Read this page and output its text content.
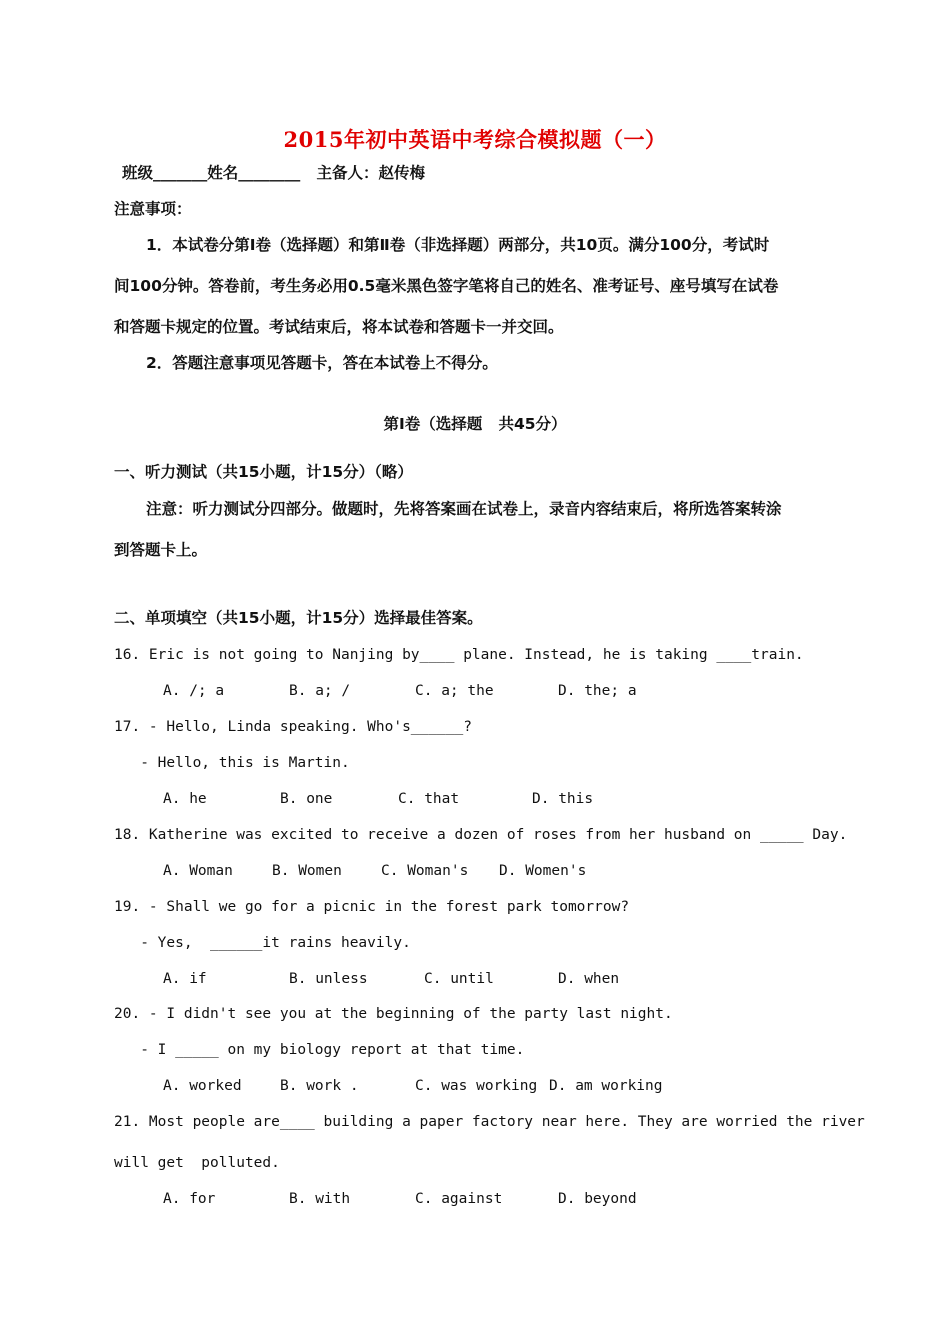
2015年初中英语中考综合模拟题（一）
班级_______姓名________   主备人：赵传梅
注意事项：
1．本试卷分第Ⅰ卷（选择题）和第Ⅱ卷（非选择题）两部分，共10页。满分100分，考试时
间100分钟。答卷前，考生务必用0.5毫米黑色签字笔将自己的姓名、准考证号、座号填写在试卷
和答题卡规定的位置。考试结束后，将本试卷和答题卡一并交回。
2．答题注意事项见答题卡，答在本试卷上不得分。
第Ⅰ卷（选择题   共45分）
一、听力测试（共15小题，计15分）（略）
注意：听力测试分四部分。做题时，先将答案画在试卷上，录音内容结束后，将所选答案转涂
到答题卡上。
二、单项填空（共15小题，计15分）选择最佳答案。
16. Eric is not going to Nanjing by____ plane. Instead, he is taking ____train.
A. /; a	B. a; /	C. a; the	D. the; a
17. - Hello, Linda speaking. Who's______?
- Hello, this is Martin.
A. he	B. one	C. that	D. this
18. Katherine was excited to receive a dozen of roses from her husband on _____ Day.
A. Woman	B. Women	C. Woman's D. Women's
19. - Shall we go for a picnic in the forest park tomorrow?
- Yes,  ______it rains heavily.
A. if	B. unless	C. until	D. when
20. - I didn't see you at the beginning of the party last night.
- I _____ on my biology report at that time.
A. worked	B. work .	C. was working D. am working
21. Most people are____ building a paper factory near here. They are worried the river
will get  polluted.
A. for	B. with	C. against	D. beyond
